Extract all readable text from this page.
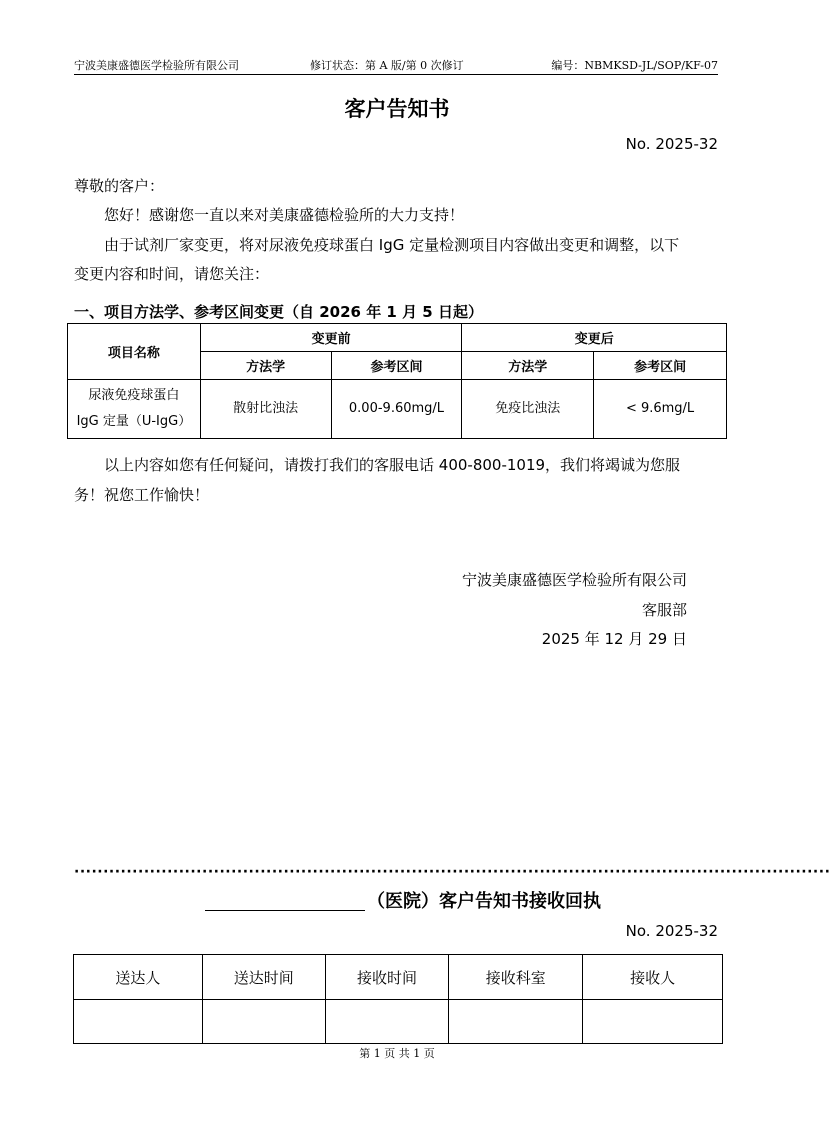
宁波美康盛德医学检验所有限公司	修订状态：第 A 版/第 0 次修订	编号：NBMKSD-JL/SOP/KF-07
客户告知书
No. 2025-32
尊敬的客户：
您好！感谢您一直以来对美康盛德检验所的大力支持！
由于试剂厂家变更，将对尿液免疫球蛋白 IgG 定量检测项目内容做出变更和调整，以下
变更内容和时间，请您关注：
一、项目方法学、参考区间变更（自 2026 年 1 月 5 日起）
项目名称	变更前		变更后	
	方法学	参考区间	方法学	参考区间

尿液免疫球蛋白
IgG 定量（U-IgG）	散射比浊法	0.00-9.60mg/L	免疫比浊法	< 9.6mg/L
以上内容如您有任何疑问，请拨打我们的客服电话 400-800-1019，我们将竭诚为您服
务！祝您工作愉快！
宁波美康盛德医学检验所有限公司
客服部
2025 年 12 月 29 日
··································································································································
（医院）客户告知书接收回执
No. 2025-32
送达人	送达时间	接收时间	接收科室	接收人

第 1 页 共 1 页
